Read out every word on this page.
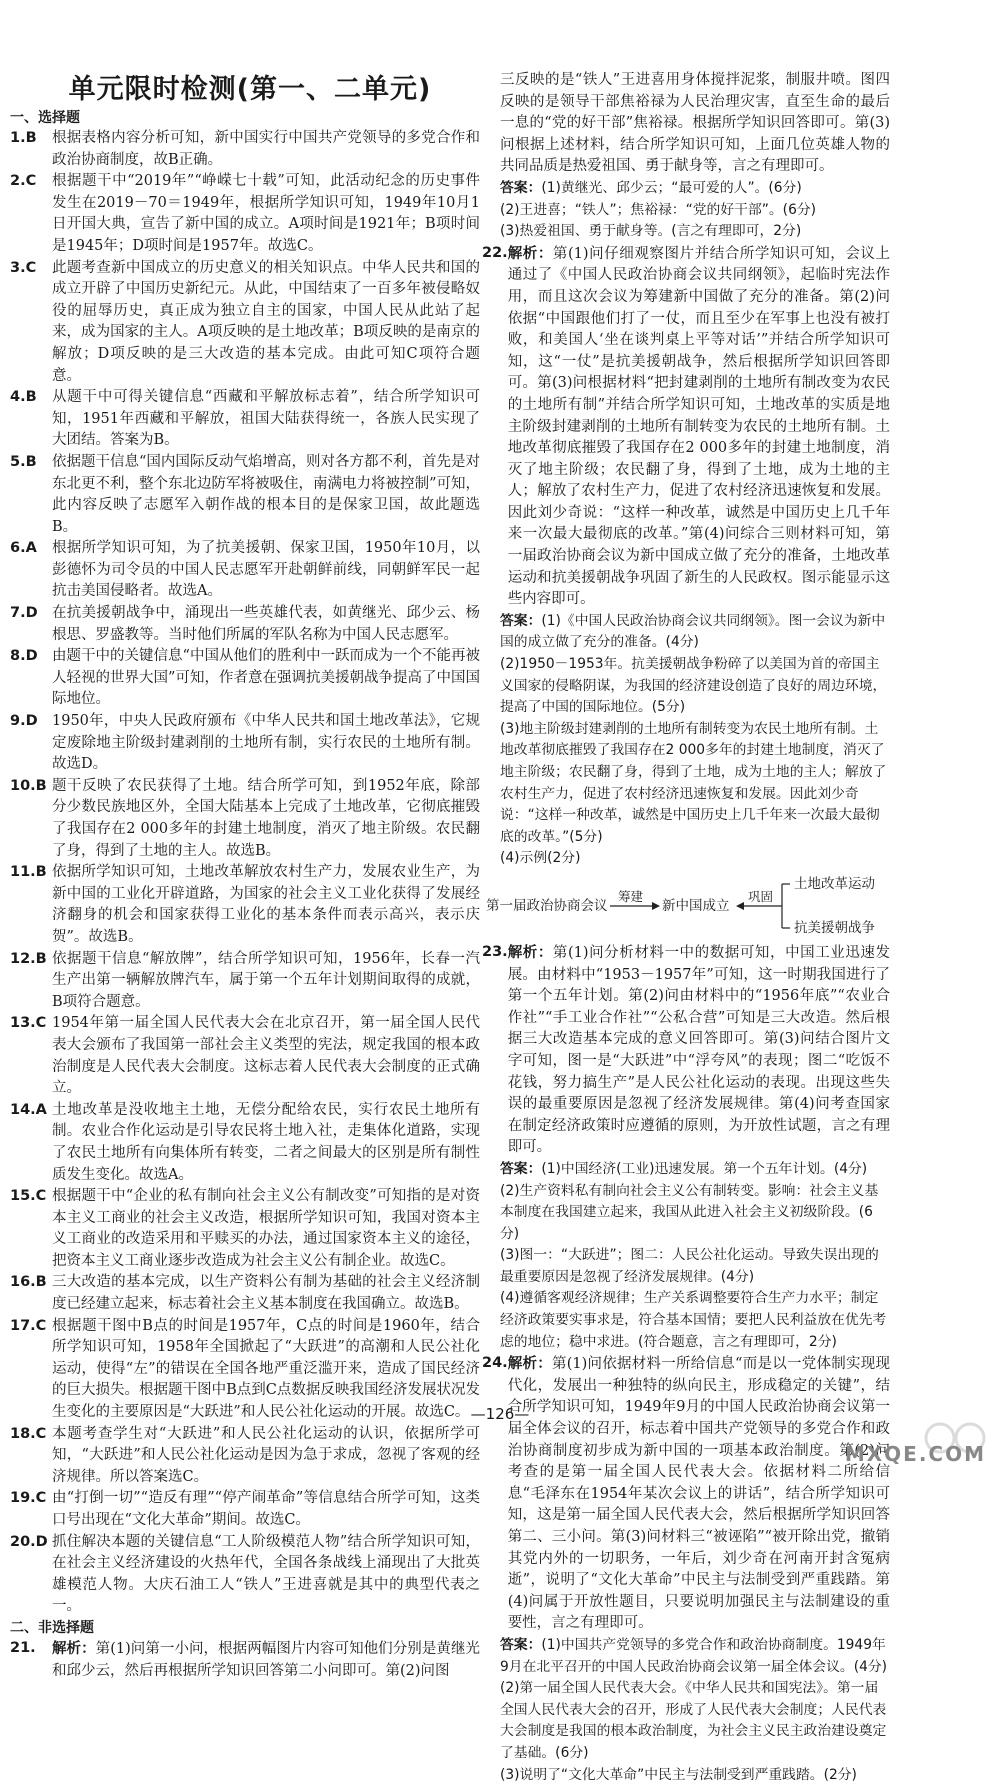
单元限时检测(第一、二单元)
一、选择题
1.B	根据表格内容分析可知，新中国实行中国共产党领导的多党合作和政治协商制度，故B正确。
2.C	根据题干中“2019年”“峥嵘七十载”可知，此活动纪念的历史事件发生在2019－70＝1949年，根据所学知识可知，1949年10月1日开国大典，宣告了新中国的成立。A项时间是1921年；B项时间是1945年；D项时间是1957年。故选C。
3.C	此题考查新中国成立的历史意义的相关知识点。中华人民共和国的成立开辟了中国历史新纪元。从此，中国结束了一百多年被侵略奴役的屈辱历史，真正成为独立自主的国家，中国人民从此站了起来，成为国家的主人。A项反映的是土地改革；B项反映的是南京的解放；D项反映的是三大改造的基本完成。由此可知C项符合题意。
4.B	从题干中可得关键信息“西藏和平解放标志着”，结合所学知识可知，1951年西藏和平解放，祖国大陆获得统一，各族人民实现了大团结。答案为B。
5.B	依据题干信息“国内国际反动气焰增高，则对各方都不利，首先是对东北更不利，整个东北边防军将被吸住，南满电力将被控制”可知，此内容反映了志愿军入朝作战的根本目的是保家卫国，故此题选B。
6.A	根据所学知识可知，为了抗美援朝、保家卫国，1950年10月，以彭德怀为司令员的中国人民志愿军开赴朝鲜前线，同朝鲜军民一起抗击美国侵略者。故选A。
7.D 在抗美援朝战争中，涌现出一些英雄代表，如黄继光、邱少云、杨根思、罗盛教等。当时他们所属的军队名称为中国人民志愿军。
8.D 由题干中的关键信息“中国从他们的胜利中一跃而成为一个不能再被人轻视的世界大国”可知，作者意在强调抗美援朝战争提高了中国国际地位。
9.D 1950年，中央人民政府颁布《中华人民共和国土地改革法》，它规定废除地主阶级封建剥削的土地所有制，实行农民的土地所有制。故选D。
10.B 题干反映了农民获得了土地。结合所学可知，到1952年底，除部分少数民族地区外，全国大陆基本上完成了土地改革，它彻底摧毁了我国存在2 000多年的封建土地制度，消灭了地主阶级。农民翻了身，得到了土地的主人。故选B。
11.B 依据所学知识可知，土地改革解放农村生产力，发展农业生产，为新中国的工业化开辟道路，为国家的社会主义工业化获得了发展经济翻身的机会和国家获得工业化的基本条件而表示高兴，表示庆贺”。故选B。
12.B 依据题干信息“解放牌”，结合所学知识可知，1956年，长春一汽生产出第一辆解放牌汽车，属于第一个五年计划期间取得的成就，B项符合题意。
13.C 1954年第一届全国人民代表大会在北京召开，第一届全国人民代表大会颁布了我国第一部社会主义类型的宪法，规定我国的根本政治制度是人民代表大会制度。这标志着人民代表大会制度的正式确立。
14.A 土地改革是没收地主土地，无偿分配给农民，实行农民土地所有制。农业合作化运动是引导农民将土地入社，走集体化道路，实现了农民土地所有向集体所有转变，二者之间最大的区别是所有制性质发生变化。故选A。
15.C 根据题干中“企业的私有制向社会主义公有制改变”可知指的是对资本主义工商业的社会主义改造，根据所学知识可知，我国对资本主义工商业的改造采用和平赎买的办法，通过国家资本主义的途径，把资本主义工商业逐步改造成为社会主义公有制企业。故选C。
16.B 三大改造的基本完成，以生产资料公有制为基础的社会主义经济制度已经建立起来，标志着社会主义基本制度在我国确立。故选B。
17.C 根据题干图中B点的时间是1957年，C点的时间是1960年，结合所学知识可知，1958年全国掀起了“大跃进”的高潮和人民公社化运动，使得“左”的错误在全国各地严重泛滥开来，造成了国民经济的巨大损失。根据题干图中B点到C点数据反映我国经济发展状况发生变化的主要原因是“大跃进”和人民公社化运动的开展。故选C。
18.C 本题考查学生对“大跃进”和人民公社化运动的认识，依据所学可知，“大跃进”和人民公社化运动是因为急于求成，忽视了客观的经济规律。所以答案选C。
19.C 由“打倒一切”“造反有理”“停产闹革命”等信息结合所学可知，这类口号出现在“文化大革命”期间。故选C。
20.D 抓住解决本题的关键信息“工人阶级模范人物”结合所学知识可知，在社会主义经济建设的火热年代，全国各条战线上涌现出了大批英雄模范人物。大庆石油工人“铁人”王进喜就是其中的典型代表之一。
二、非选择题
21.	解析：第(1)问第一小问，根据两幅图片内容可知他们分别是黄继光和邱少云，然后再根据所学知识回答第二小问即可。第(2)问图
三反映的是“铁人”王进喜用身体搅拌泥浆，制服井喷。图四反映的是领导干部焦裕禄为人民治理灾害，直至生命的最后一息的“党的好干部”焦裕禄。根据所学知识回答即可。第(3)问根据上述材料，结合所学知识可知，上面几位英雄人物的共同品质是热爱祖国、勇于献身等，言之有理即可。
答案：(1)黄继光、邱少云；“最可爱的人”。(6分)
(2)王进喜；“铁人”；焦裕禄：“党的好干部”。(6分)
(3)热爱祖国、勇于献身等。(言之有理即可，2分)
22. 解析：第(1)问仔细观察图片并结合所学知识可知，会议上通过了《中国人民政治协商会议共同纲领》，起临时宪法作用，而且这次会议为筹建新中国做了充分的准备。第(2)问依据“中国跟他们打了一仗，而且至少在军事上也没有被打败，和美国人‘坐在谈判桌上平等对话’”并结合所学知识可知，这“一仗”是抗美援朝战争，然后根据所学知识回答即可。第(3)问根据材料“把封建剥削的土地所有制改变为农民的土地所有制”并结合所学知识可知，土地改革的实质是地主阶级封建剥削的土地所有制转变为农民的土地所有制。土地改革彻底摧毁了我国存在2 000多年的封建土地制度，消灭了地主阶级；农民翻了身，得到了土地，成为土地的主人；解放了农村生产力，促进了农村经济迅速恢复和发展。因此刘少奇说：“这样一种改革，诚然是中国历史上几千年来一次最大最彻底的改革。”第(4)问综合三则材料可知，第一届政治协商会议为新中国成立做了充分的准备，土地改革运动和抗美援朝战争巩固了新生的人民政权。图示能显示这些内容即可。
答案：(1)《中国人民政治协商会议共同纲领》。图一会议为新中国的成立做了充分的准备。(4分)
(2)1950－1953年。抗美援朝战争粉碎了以美国为首的帝国主义国家的侵略阴谋，为我国的经济建设创造了良好的周边环境，提高了中国的国际地位。(5分)
(3)地主阶级封建剥削的土地所有制转变为农民土地所有制。土地改革彻底摧毁了我国存在2 000多年的封建土地制度，消灭了地主阶级；农民翻了身，得到了土地，成为土地的主人；解放了农村生产力，促进了农村经济迅速恢复和发展。因此刘少奇说：“这样一种改革，诚然是中国历史上几千年来一次最大最彻底的改革。”(5分)
(4)示例(2分)
第一届政治协商会议
筹建
新中国成立
巩固
土地改革运动
抗美援朝战争
23. 解析：第(1)问分析材料一中的数据可知，中国工业迅速发展。由材料中“1953－1957年”可知，这一时期我国进行了第一个五年计划。第(2)问由材料中的“1956年底”“农业合作社”“手工业合作社”“公私合营”可知是三大改造。然后根据三大改造基本完成的意义回答即可。第(3)问结合图片文字可知，图一是“大跃进”中“浮夸风”的表现；图二“吃饭不花钱，努力搞生产”是人民公社化运动的表现。出现这些失误的最重要原因是忽视了经济发展规律。第(4)问考查国家在制定经济政策时应遵循的原则，为开放性试题，言之有理即可。
答案：(1)中国经济(工业)迅速发展。第一个五年计划。(4分)
(2)生产资料私有制向社会主义公有制转变。影响：社会主义基本制度在我国建立起来，我国从此进入社会主义初级阶段。(6分)
(3)图一：“大跃进”；图二：人民公社化运动。导致失误出现的最重要原因是忽视了经济发展规律。(4分)
(4)遵循客观经济规律；生产关系调整要符合生产力水平；制定经济政策要实事求是，符合基本国情；要把人民利益放在优先考虑的地位；稳中求进。(符合题意，言之有理即可，2分)
24. 解析：第(1)问依据材料一所给信息“而是以一党体制实现现代化，发展出一种独特的纵向民主，形成稳定的关键”，结合所学知识可知，1949年9月的中国人民政治协商会议第一届全体会议的召开，标志着中国共产党领导的多党合作和政治协商制度初步成为新中国的一项基本政治制度。第(2)问考查的是第一届全国人民代表大会。依据材料二所给信息“毛泽东在1954年某次会议上的讲话”，结合所学知识可知，这是第一届全国人民代表大会，然后根据所学知识回答第二、三小问。第(3)问材料三“被诬陷”“被开除出党，撤销其党内外的一切职务，一年后，刘少奇在河南开封含冤病逝”，说明了“文化大革命”中民主与法制受到严重践踏。第(4)问属于开放性题目，只要说明加强民主与法制建设的重要性，言之有理即可。
答案：(1)中国共产党领导的多党合作和政治协商制度。1949年9月在北平召开的中国人民政治协商会议第一届全体会议。(4分)
(2)第一届全国人民代表大会。《中华人民共和国宪法》。第一届全国人民代表大会的召开，形成了人民代表大会制度；人民代表大会制度是我国的根本政治制度，为社会主义民主政治建设奠定了基础。(6分)
(3)说明了“文化大革命”中民主与法制受到严重践踏。(2分)
—126—
MXQE.COM
